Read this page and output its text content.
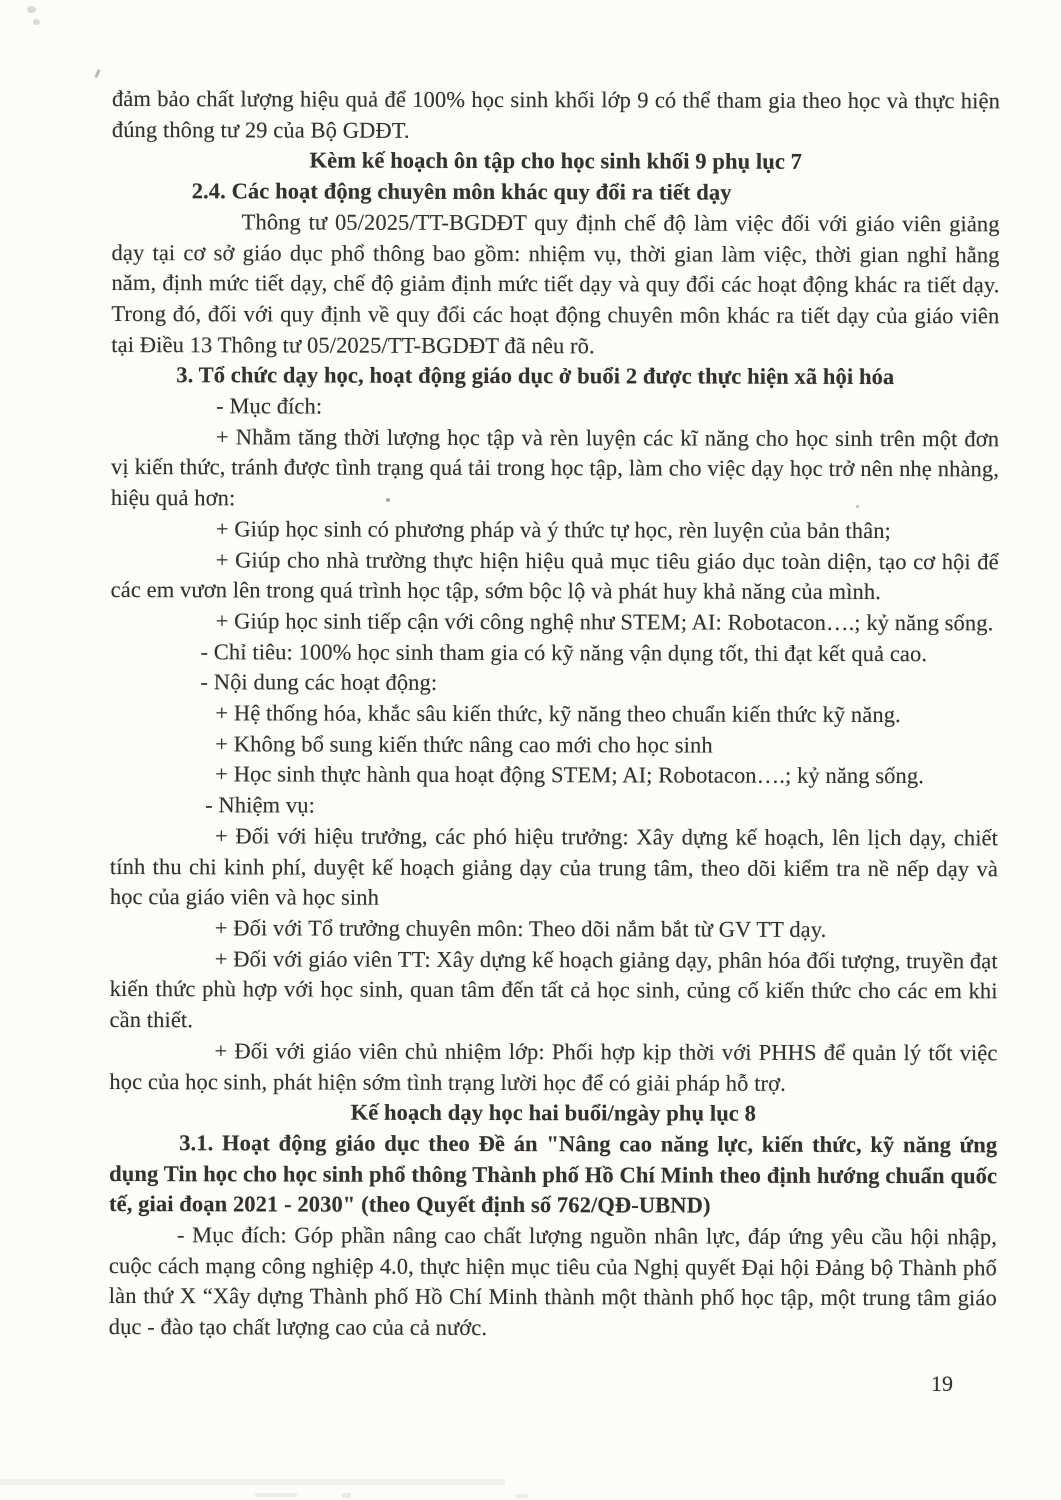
đảm bảo chất lượng hiệu quả để 100% học sinh khối lớp 9 có thể tham gia theo học và thực hiện đúng thông tư 29 của Bộ GDĐT.

Kèm kế hoạch ôn tập cho học sinh khối 9 phụ lục 7

2.4. Các hoạt động chuyên môn khác quy đổi ra tiết dạy

Thông tư 05/2025/TT-BGDĐT quy định chế độ làm việc đối với giáo viên giảng dạy tại cơ sở giáo dục phổ thông bao gồm: nhiệm vụ, thời gian làm việc, thời gian nghỉ hằng năm, định mức tiết dạy, chế độ giảm định mức tiết dạy và quy đổi các hoạt động khác ra tiết dạy. Trong đó, đối với quy định về quy đổi các hoạt động chuyên môn khác ra tiết dạy của giáo viên tại Điều 13 Thông tư 05/2025/TT-BGDĐT đã nêu rõ.

3. Tổ chức dạy học, hoạt động giáo dục ở buổi 2 được thực hiện xã hội hóa

- Mục đích:

+ Nhằm tăng thời lượng học tập và rèn luyện các kĩ năng cho học sinh trên một đơn vị kiến thức, tránh được tình trạng quá tải trong học tập, làm cho việc dạy học trở nên nhẹ nhàng, hiệu quả hơn:

+ Giúp học sinh có phương pháp và ý thức tự học, rèn luyện của bản thân;

+ Giúp cho nhà trường thực hiện hiệu quả mục tiêu giáo dục toàn diện, tạo cơ hội để các em vươn lên trong quá trình học tập, sớm bộc lộ và phát huy khả năng của mình.

+ Giúp học sinh tiếp cận với công nghệ như STEM; AI: Robotacon….; kỷ năng sống.

- Chỉ tiêu: 100% học sinh tham gia có kỹ năng vận dụng tốt, thi đạt kết quả cao.

- Nội dung các hoạt động:

+ Hệ thống hóa, khắc sâu kiến thức, kỹ năng theo chuẩn kiến thức kỹ năng.

+ Không bổ sung kiến thức nâng cao mới cho học sinh

+ Học sinh thực hành qua hoạt động STEM; AI; Robotacon….; kỷ năng sống.

- Nhiệm vụ:

+ Đối với hiệu trưởng, các phó hiệu trưởng: Xây dựng kế hoạch, lên lịch dạy, chiết tính thu chi kinh phí, duyệt kế hoạch giảng dạy của trung tâm, theo dõi kiểm tra nề nếp dạy và học của giáo viên và học sinh

+ Đối với Tổ trưởng chuyên môn: Theo dõi nắm bắt từ GV TT dạy.

+ Đối với giáo viên TT: Xây dựng kế hoạch giảng dạy, phân hóa đối tượng, truyền đạt kiến thức phù hợp với học sinh, quan tâm đến tất cả học sinh, củng cố kiến thức cho các em khi cần thiết.

+ Đối với giáo viên chủ nhiệm lớp: Phối hợp kịp thời với PHHS để quản lý tốt việc học của học sinh, phát hiện sớm tình trạng lười học để có giải pháp hỗ trợ.

Kế hoạch dạy học hai buổi/ngày phụ lục 8

3.1. Hoạt động giáo dục theo Đề án "Nâng cao năng lực, kiến thức, kỹ năng ứng dụng Tin học cho học sinh phổ thông Thành phố Hồ Chí Minh theo định hướng chuẩn quốc tế, giai đoạn 2021 - 2030" (theo Quyết định số 762/QĐ-UBND)

- Mục đích: Góp phần nâng cao chất lượng nguồn nhân lực, đáp ứng yêu cầu hội nhập, cuộc cách mạng công nghiệp 4.0, thực hiện mục tiêu của Nghị quyết Đại hội Đảng bộ Thành phố làn thứ X “Xây dựng Thành phố Hồ Chí Minh thành một thành phố học tập, một trung tâm giáo dục - đào tạo chất lượng cao của cả nước.

19
